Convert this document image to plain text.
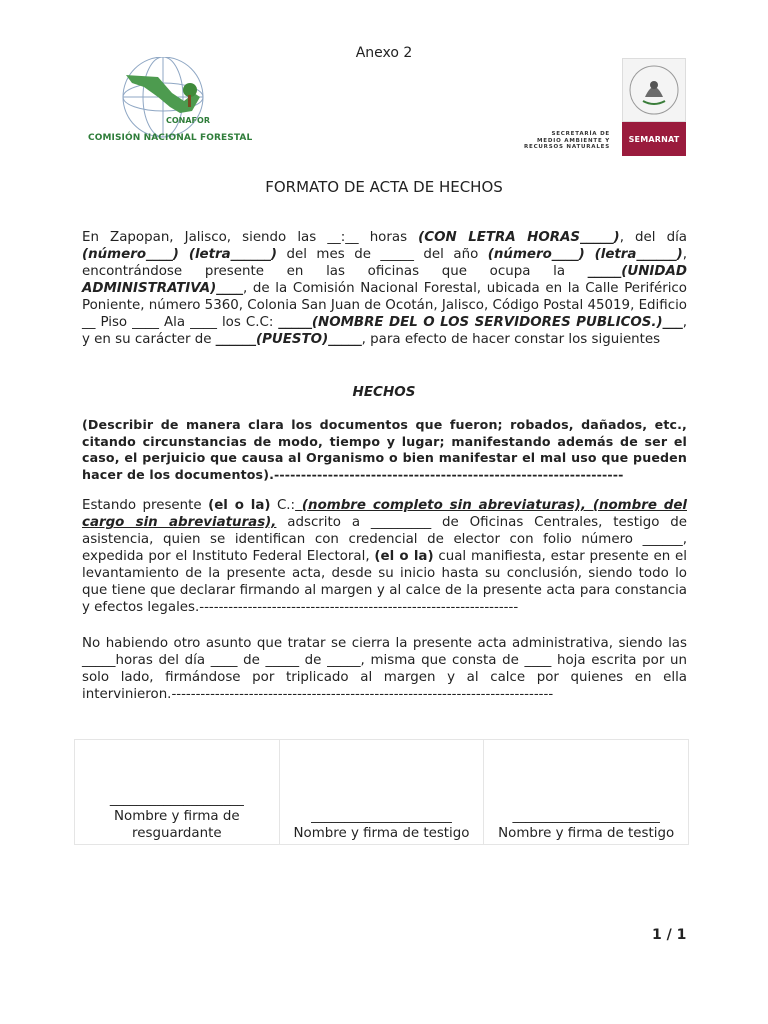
Anexo 2
CONAFOR
COMISIÓN NACIONAL FORESTAL	SECRETARÍA DE
MEDIO AMBIENTE Y
RECURSOS NATURALES
SEMARNAT
FORMATO DE ACTA DE HECHOS

En Zapopan, Jalisco, siendo las __:__ horas (CON LETRA HORAS_____), del día (número____) (letra______) del mes de _____ del año (número____) (letra______), encontrándose presente en las oficinas que ocupa la _____(UNIDAD ADMINISTRATIVA)____, de la Comisión Nacional Forestal, ubicada en la Calle Periférico Poniente, número 5360, Colonia San Juan de Ocotán, Jalisco, Código Postal 45019, Edificio __ Piso ____ Ala ____ los C.C: _____(NOMBRE DEL O LOS SERVIDORES PUBLICOS.)___, y en su carácter de ______(PUESTO)_____, para efecto de hacer constar los siguientes

HECHOS

(Describir de manera clara los documentos que fueron; robados, dañados, etc., citando circunstancias de modo, tiempo y lugar; manifestando además de ser el caso, el perjuicio que causa al Organismo o bien manifestar el mal uso que pueden hacer de los documentos).-----------------------------------------------------------------

Estando presente (el o la) C.: (nombre completo sin abreviaturas), (nombre del cargo sin abreviaturas), adscrito a _________ de Oficinas Centrales, testigo de asistencia, quien se identifican con credencial de elector con folio número ______, expedida por el Instituto Federal Electoral, (el o la) cual manifiesta, estar presente en el levantamiento de la presente acta, desde su inicio hasta su conclusión, siendo todo lo que tiene que declarar firmando al margen y al calce de la presente acta para constancia y efectos legales.------------------------------------------------------------------

No habiendo otro asunto que tratar se cierra la presente acta administrativa, siendo las _____horas del día ____ de _____ de _____, misma que consta de ____ hoja escrita por un solo lado, firmándose por triplicado al margen y al calce por quienes en ella intervinieron.-------------------------------------------------------------------------------

____________________
Nombre y firma de resguardante	
_____________________
Nombre y firma de testigo	
______________________
Nombre y firma de testigo
1 / 1
